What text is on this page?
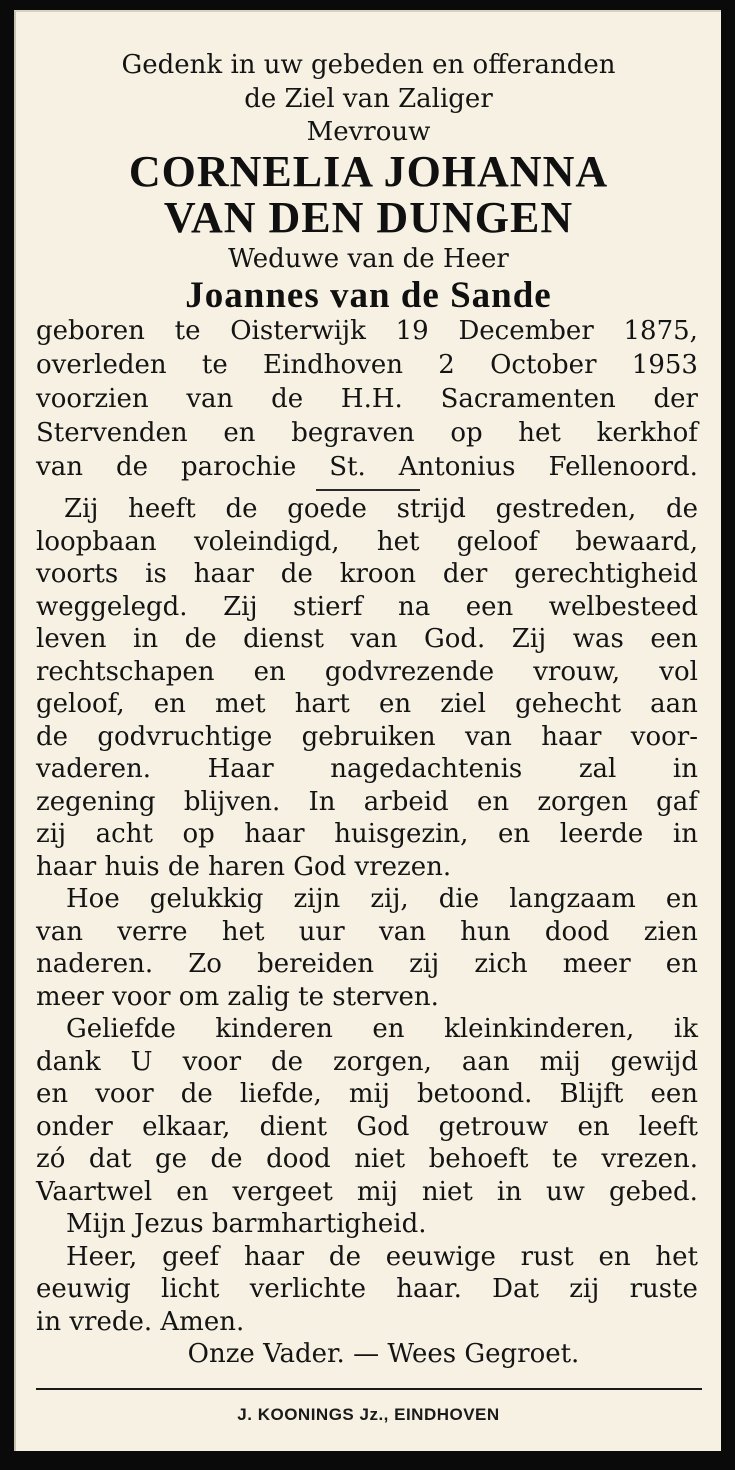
Gedenk in uw gebeden en offeranden
de Ziel van Zaliger
Mevrouw
CORNELIA JOHANNA
VAN DEN DUNGEN
Weduwe van de Heer
Joannes van de Sande
geboren te Oisterwijk 19 December 1875,
overleden te Eindhoven 2 October 1953
voorzien van de H.H. Sacramenten der
Stervenden en begraven op het kerkhof
van de parochie St. Antonius Fellenoord.
Zij heeft de goede strijd gestreden, de
loopbaan voleindigd, het geloof bewaard,
voorts is haar de kroon der gerechtigheid
weggelegd. Zij stierf na een welbesteed
leven in de dienst van God. Zij was een
rechtschapen en godvrezende vrouw, vol
geloof, en met hart en ziel gehecht aan
de godvruchtige gebruiken van haar voor-
vaderen. Haar nagedachtenis zal in
zegening blijven. In arbeid en zorgen gaf
zij acht op haar huisgezin, en leerde in
haar huis de haren God vrezen.
Hoe gelukkig zijn zij, die langzaam en
van verre het uur van hun dood zien
naderen. Zo bereiden zij zich meer en
meer voor om zalig te sterven.
Geliefde kinderen en kleinkinderen, ik
dank U voor de zorgen, aan mij gewijd
en voor de liefde, mij betoond. Blijft een
onder elkaar, dient God getrouw en leeft
zó dat ge de dood niet behoeft te vrezen.
Vaartwel en vergeet mij niet in uw gebed.
Mijn Jezus barmhartigheid.
Heer, geef haar de eeuwige rust en het
eeuwig licht verlichte haar. Dat zij ruste
in vrede. Amen.
Onze Vader. — Wees Gegroet.
J. KOONINGS Jz., EINDHOVEN
